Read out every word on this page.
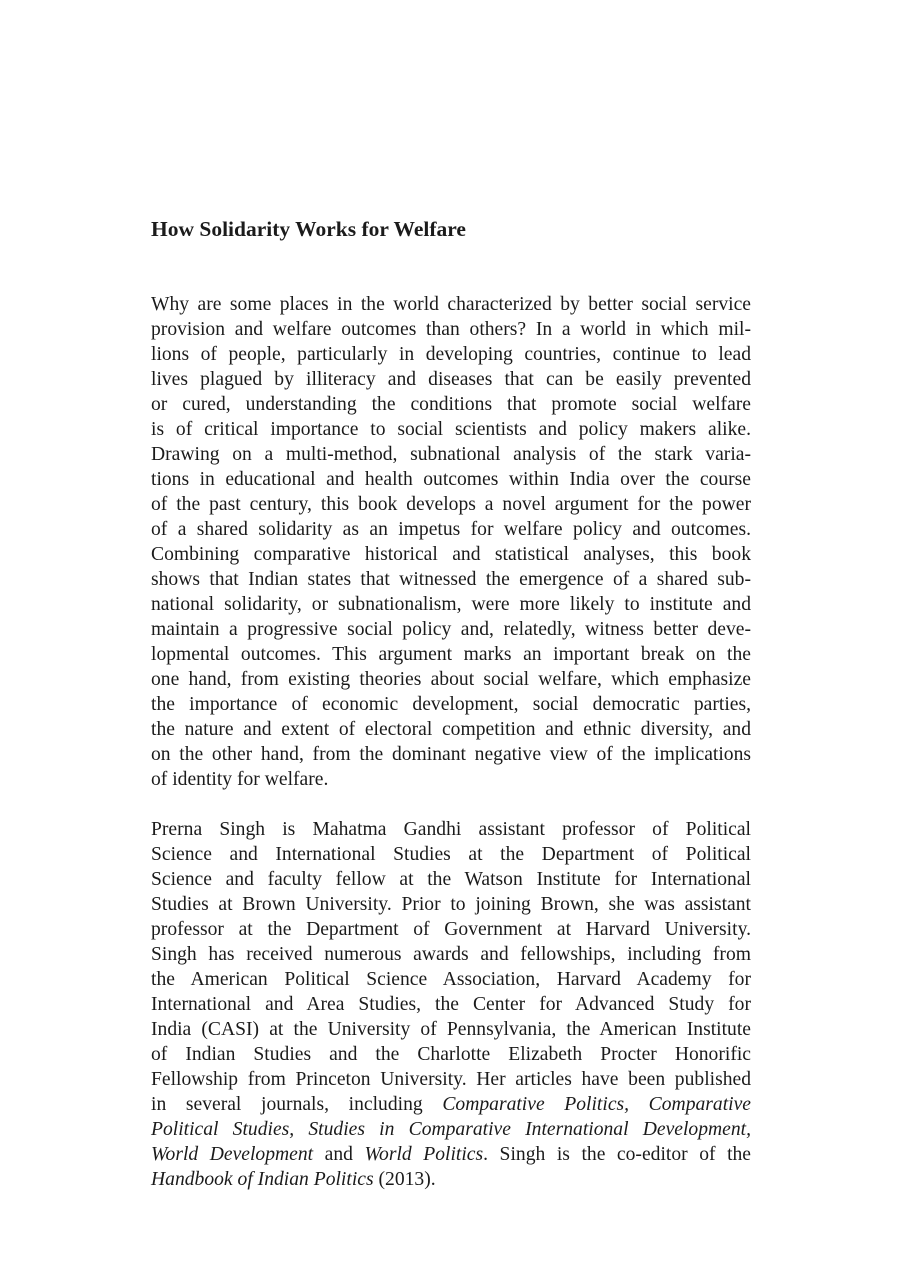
How Solidarity Works for Welfare
Why are some places in the world characterized by better social service
provision and welfare outcomes than others? In a world in which mil-
lions of people, particularly in developing countries, continue to lead
lives plagued by illiteracy and diseases that can be easily prevented
or cured, understanding the conditions that promote social welfare
is of critical importance to social scientists and policy makers alike.
Drawing on a multi-method, subnational analysis of the stark varia-
tions in educational and health outcomes within India over the course
of the past century, this book develops a novel argument for the power
of a shared solidarity as an impetus for welfare policy and outcomes.
Combining comparative historical and statistical analyses, this book
shows that Indian states that witnessed the emergence of a shared sub-
national solidarity, or subnationalism, were more likely to institute and
maintain a progressive social policy and, relatedly, witness better deve-
lopmental outcomes. This argument marks an important break on the
one hand, from existing theories about social welfare, which emphasize
the importance of economic development, social democratic parties,
the nature and extent of electoral competition and ethnic diversity, and
on the other hand, from the dominant negative view of the implications
of identity for welfare.
Prerna Singh is Mahatma Gandhi assistant professor of Political
Science and International Studies at the Department of Political
Science and faculty fellow at the Watson Institute for International
Studies at Brown University. Prior to joining Brown, she was assistant
professor at the Department of Government at Harvard University.
Singh has received numerous awards and fellowships, including from
the American Political Science Association, Harvard Academy for
International and Area Studies, the Center for Advanced Study for
India (CASI) at the University of Pennsylvania, the American Institute
of Indian Studies and the Charlotte Elizabeth Procter Honorific
Fellowship from Princeton University. Her articles have been published
in several journals, including Comparative Politics, Comparative
Political Studies, Studies in Comparative International Development,
World Development and World Politics. Singh is the co-editor of the
Handbook of Indian Politics (2013).
